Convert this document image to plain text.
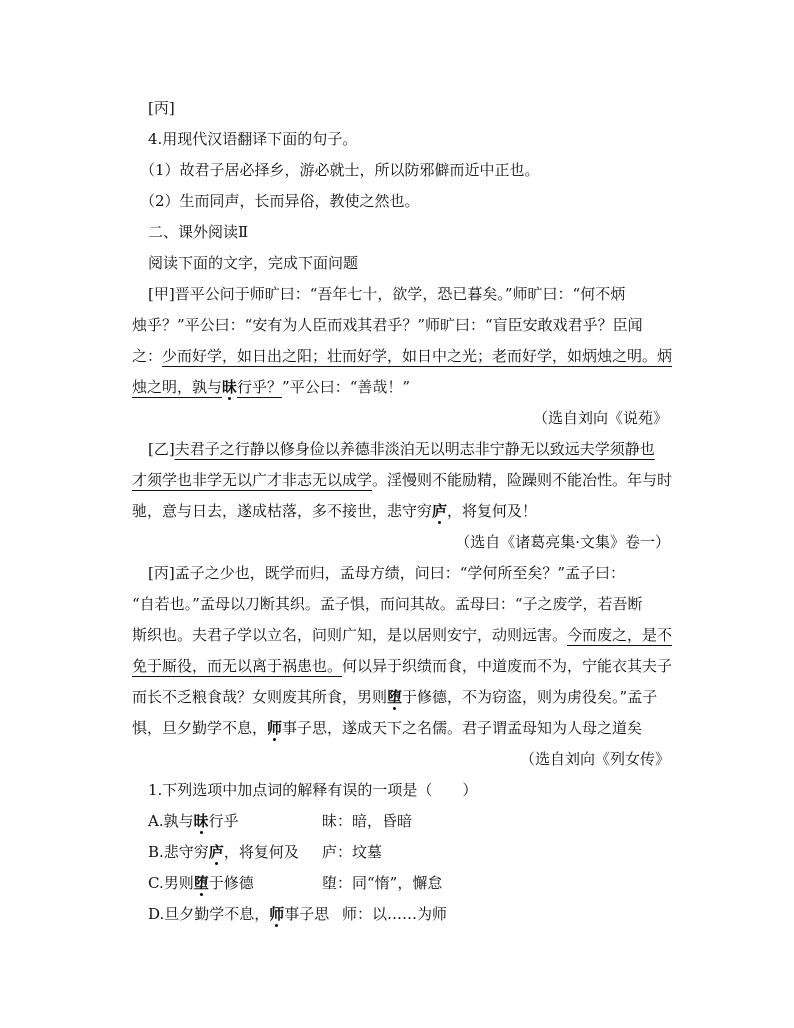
[丙]
4.用现代汉语翻译下面的句子。
（1）故君子居必择乡，游必就士，所以防邪僻而近中正也。
（2）生而同声，长而异俗，教使之然也。
二、课外阅读Ⅱ
阅读下面的文字，完成下面问题
[甲]晋平公问于师旷曰：“吾年七十，欲学，恐已暮矣。”师旷曰：“何不炳
烛乎？”平公曰：“安有为人臣而戏其君乎？”师旷曰：“盲臣安敢戏君乎？臣闻
之：少而好学，如日出之阳；壮而好学，如日中之光；老而好学，如炳烛之明。炳
烛之明，孰与昧行乎？”平公曰：“善哉！”
（选自刘向《说苑》
[乙]夫君子之行静以修身俭以养德非淡泊无以明志非宁静无以致远夫学须静也
才须学也非学无以广才非志无以成学。淫慢则不能励精，险躁则不能冶性。年与时
驰，意与日去，遂成枯落，多不接世，悲守穷庐，将复何及！
（选自《诸葛亮集·文集》卷一）
[丙]孟子之少也，既学而归，孟母方绩，问曰：“学何所至矣？”孟子曰：
“自若也。”孟母以刀断其织。孟子惧，而问其故。孟母曰：“子之废学，若吾断
斯织也。夫君子学以立名，问则广知，是以居则安宁，动则远害。今而废之，是不
免于厮役，而无以离于祸患也。何以异于织绩而食，中道废而不为，宁能衣其夫子
而长不乏粮食哉？女则废其所食，男则堕于修德，不为窃盗，则为虏役矣。”孟子
惧，旦夕勤学不息，师事子思，遂成天下之名儒。君子谓孟母知为人母之道矣
（选自刘向《列女传》
1.下列选项中加点词的解释有误的一项是（　　）
A.孰与昧行乎	昧：暗，昏暗
B.悲守穷庐，将复何及 庐：坟墓
C.男则堕于修德	堕：同“惰”，懈怠
D.旦夕勤学不息，师事子思 师：以……为师
